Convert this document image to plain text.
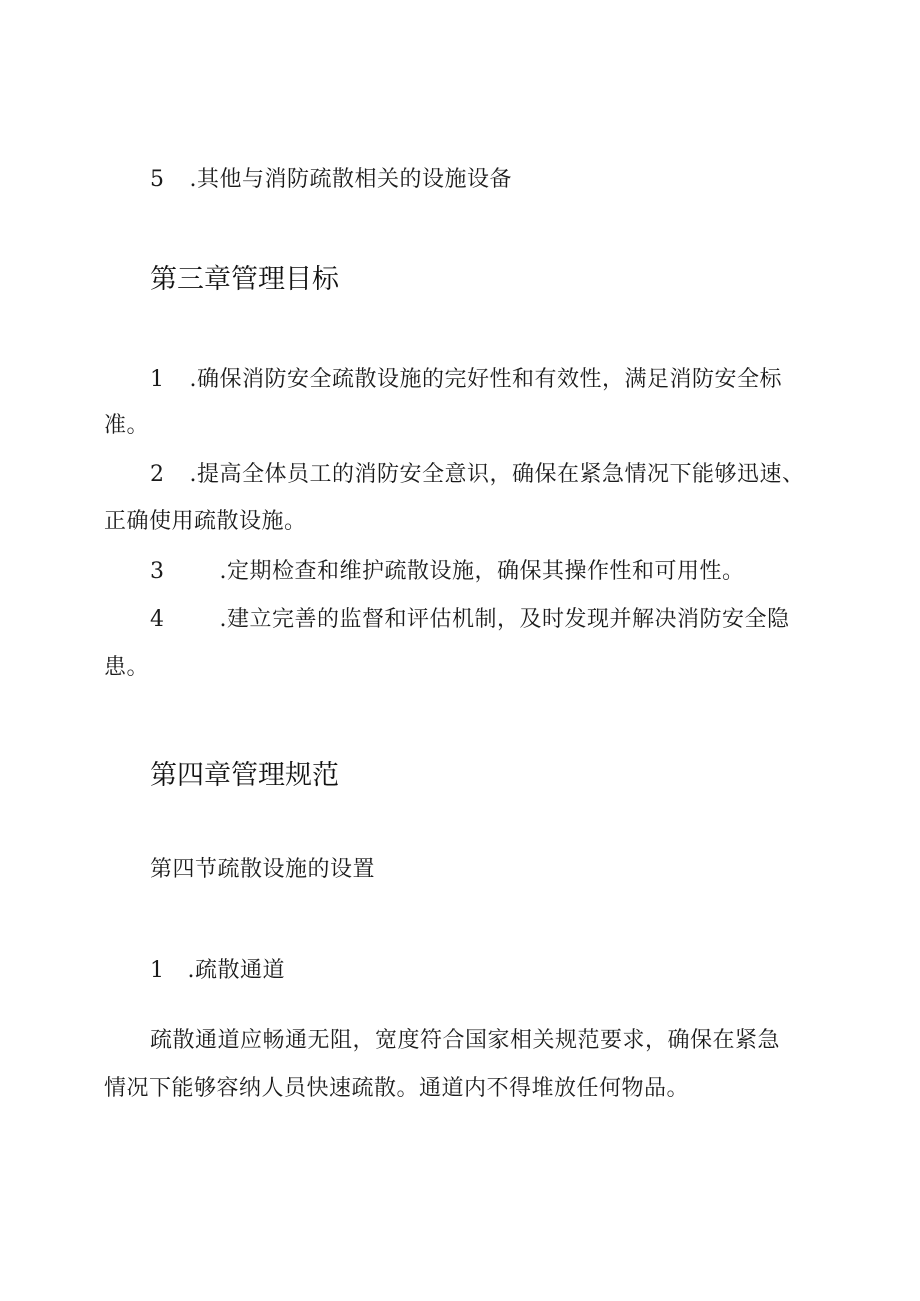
5 .其他与消防疏散相关的设施设备
第三章管理目标
1 .确保消防安全疏散设施的完好性和有效性，满足消防安全标
准。
2 .提高全体员工的消防安全意识，确保在紧急情况下能够迅速、
正确使用疏散设施。
3	.定期检查和维护疏散设施，确保其操作性和可用性。
4	.建立完善的监督和评估机制，及时发现并解决消防安全隐
患。
第四章管理规范
第四节疏散设施的设置
1 .疏散通道
疏散通道应畅通无阻，宽度符合国家相关规范要求，确保在紧急
情况下能够容纳人员快速疏散。通道内不得堆放任何物品。
